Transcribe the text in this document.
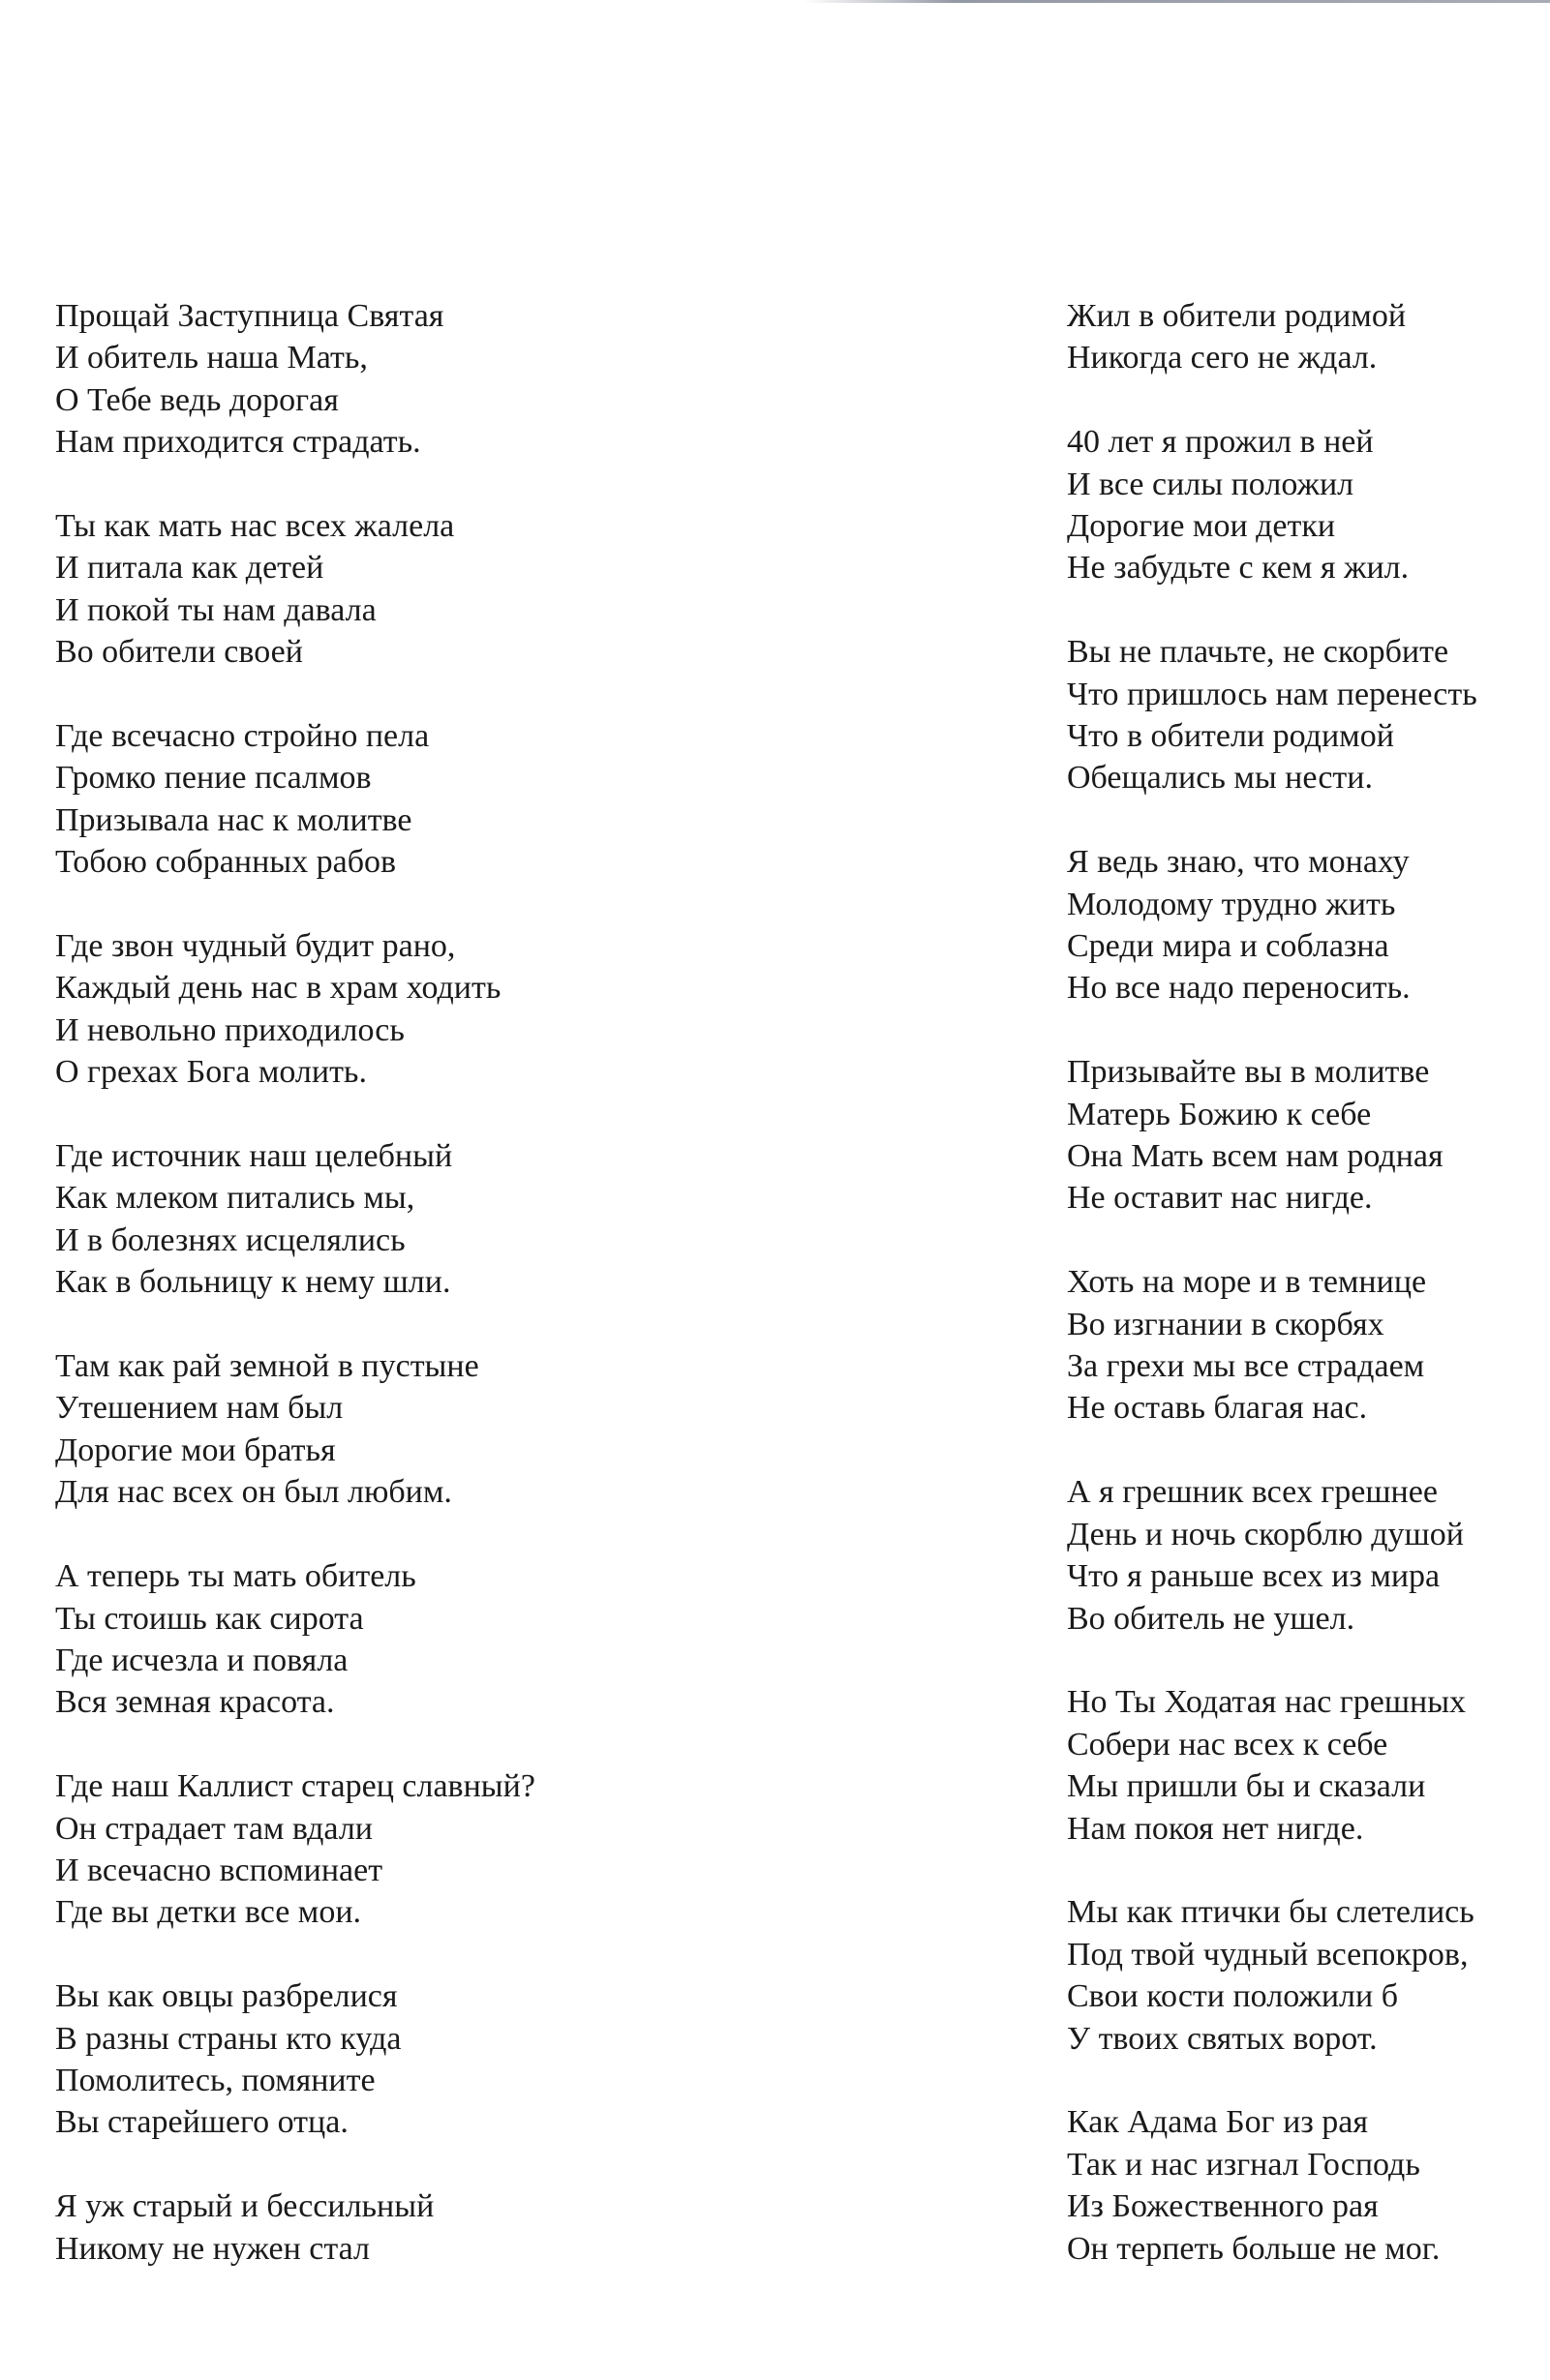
Прощай Заступница Святая
И обитель наша Мать,
О Тебе ведь дорогая
Нам приходится страдать.
Ты как мать нас всех жалела
И питала как детей
И покой ты нам давала
Во обители своей
Где всечасно стройно пела
Громко пение псалмов
Призывала нас к молитве
Тобою собранных рабов
Где звон чудный будит рано,
Каждый день нас в храм ходить
И невольно приходилось
О грехах Бога молить.
Где источник наш целебный
Как млеком питались мы,
И в болезнях исцелялись
Как в больницу к нему шли.
Там как рай земной в пустыне
Утешением нам был
Дорогие мои братья
Для нас всех он был любим.
А теперь ты мать обитель
Ты стоишь как сирота
Где исчезла и повяла
Вся земная красота.
Где наш Каллист старец славный?
Он страдает там вдали
И всечасно вспоминает
Где вы детки все мои.
Вы как овцы разбрелися
В разны страны кто куда
Помолитесь, помяните
Вы старейшего отца.
Я уж старый и бессильный
Никому не нужен стал
Жил в обители родимой
Никогда сего не ждал.
40 лет я прожил в ней
И все силы положил
Дорогие мои детки
Не забудьте с кем я жил.
Вы не плачьте, не скорбите
Что пришлось нам перенесть
Что в обители родимой
Обещались мы нести.
Я ведь знаю, что монаху
Молодому трудно жить
Среди мира и соблазна
Но все надо переносить.
Призывайте вы в молитве
Матерь Божию к себе
Она Мать всем нам родная
Не оставит нас нигде.
Хоть на море и в темнице
Во изгнании в скорбях
За грехи мы все страдаем
Не оставь благая нас.
А я грешник всех грешнее
День и ночь скорблю душой
Что я раньше всех из мира
Во обитель не ушел.
Но Ты Ходатая нас грешных
Собери нас всех к себе
Мы пришли бы и сказали
Нам покоя нет нигде.
Мы как птички бы слетелись
Под твой чудный всепокров,
Свои кости положили б
У твоих святых ворот.
Как Адама Бог из рая
Так и нас изгнал Господь
Из Божественного рая
Он терпеть больше не мог.
